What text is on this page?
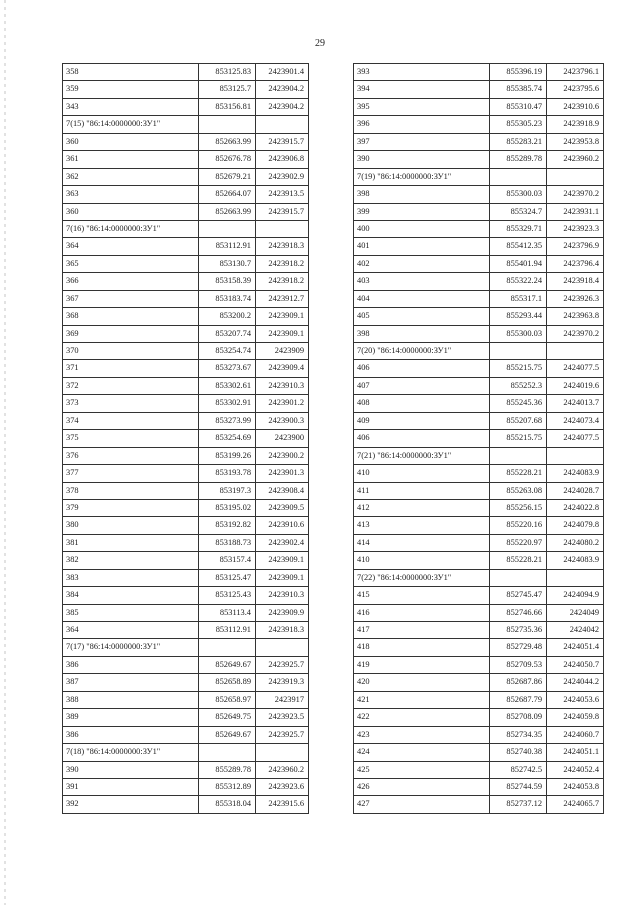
29
358	853125.83	2423901.4
359	853125.7	2423904.2
343	853156.81	2423904.2
7(15) "86:14:0000000:ЗУ1"		
360	852663.99	2423915.7
361	852676.78	2423906.8
362	852679.21	2423902.9
363	852664.07	2423913.5
360	852663.99	2423915.7
7(16) "86:14:0000000:ЗУ1"		
364	853112.91	2423918.3
365	853130.7	2423918.2
366	853158.39	2423918.2
367	853183.74	2423912.7
368	853200.2	2423909.1
369	853207.74	2423909.1
370	853254.74	2423909
371	853273.67	2423909.4
372	853302.61	2423910.3
373	853302.91	2423901.2
374	853273.99	2423900.3
375	853254.69	2423900
376	853199.26	2423900.2
377	853193.78	2423901.3
378	853197.3	2423908.4
379	853195.02	2423909.5
380	853192.82	2423910.6
381	853188.73	2423902.4
382	853157.4	2423909.1
383	853125.47	2423909.1
384	853125.43	2423910.3
385	853113.4	2423909.9
364	853112.91	2423918.3
7(17) "86:14:0000000:ЗУ1"		
386	852649.67	2423925.7
387	852658.89	2423919.3
388	852658.97	2423917
389	852649.75	2423923.5
386	852649.67	2423925.7
7(18) "86:14:0000000:ЗУ1"		
390	855289.78	2423960.2
391	855312.89	2423923.6
392	855318.04	2423915.6
393	855396.19	2423796.1
394	855385.74	2423795.6
395	855310.47	2423910.6
396	855305.23	2423918.9
397	855283.21	2423953.8
390	855289.78	2423960.2
7(19) "86:14:0000000:ЗУ1"		
398	855300.03	2423970.2
399	855324.7	2423931.1
400	855329.71	2423923.3
401	855412.35	2423796.9
402	855401.94	2423796.4
403	855322.24	2423918.4
404	855317.1	2423926.3
405	855293.44	2423963.8
398	855300.03	2423970.2
7(20) "86:14:0000000:ЗУ1"		
406	855215.75	2424077.5
407	855252.3	2424019.6
408	855245.36	2424013.7
409	855207.68	2424073.4
406	855215.75	2424077.5
7(21) "86:14:0000000:ЗУ1"		
410	855228.21	2424083.9
411	855263.08	2424028.7
412	855256.15	2424022.8
413	855220.16	2424079.8
414	855220.97	2424080.2
410	855228.21	2424083.9
7(22) "86:14:0000000:ЗУ1"		
415	852745.47	2424094.9
416	852746.66	2424049
417	852735.36	2424042
418	852729.48	2424051.4
419	852709.53	2424050.7
420	852687.86	2424044.2
421	852687.79	2424053.6
422	852708.09	2424059.8
423	852734.35	2424060.7
424	852740.38	2424051.1
425	852742.5	2424052.4
426	852744.59	2424053.8
427	852737.12	2424065.7
